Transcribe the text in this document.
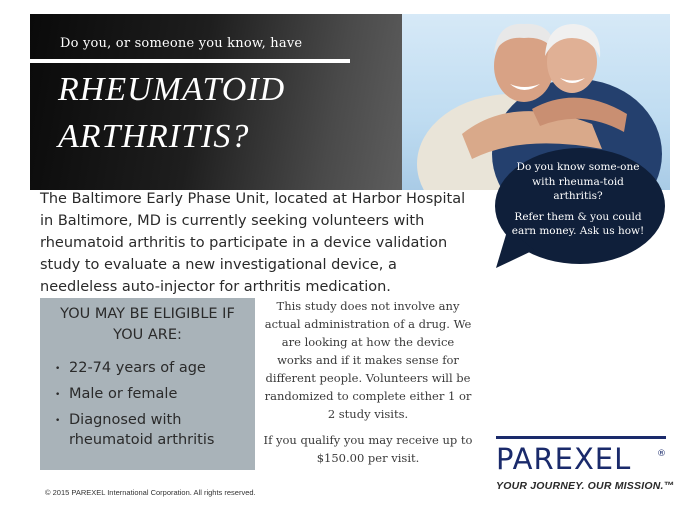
Do you, or someone you know, have
RHEUMATOID
ARTHRITIS?

Do you know some-one with rheuma-toid arthritis?

Refer them & you could earn money. Ask us how!

The Baltimore Early Phase Unit, located at Harbor Hospital in Baltimore, MD is currently seeking volunteers with rheumatoid arthritis to participate in a device validation study to evaluate a new investigational device, a needleless auto-injector for arthritis medication.

YOU MAY BE ELIGIBLE IF YOU ARE:
• 22-74 years of age
• Male or female
• Diagnosed with rheumatoid arthritis

This study does not involve any actual administration of a drug. We are looking at how the device works and if it makes sense for different people. Volunteers will be randomized to complete either 1 or 2 study visits.

If you qualify you may receive up to $150.00 per visit.	PAREXEL	®
YOUR JOURNEY. OUR MISSION.™
© 2015 PAREXEL International Corporation. All rights reserved.
